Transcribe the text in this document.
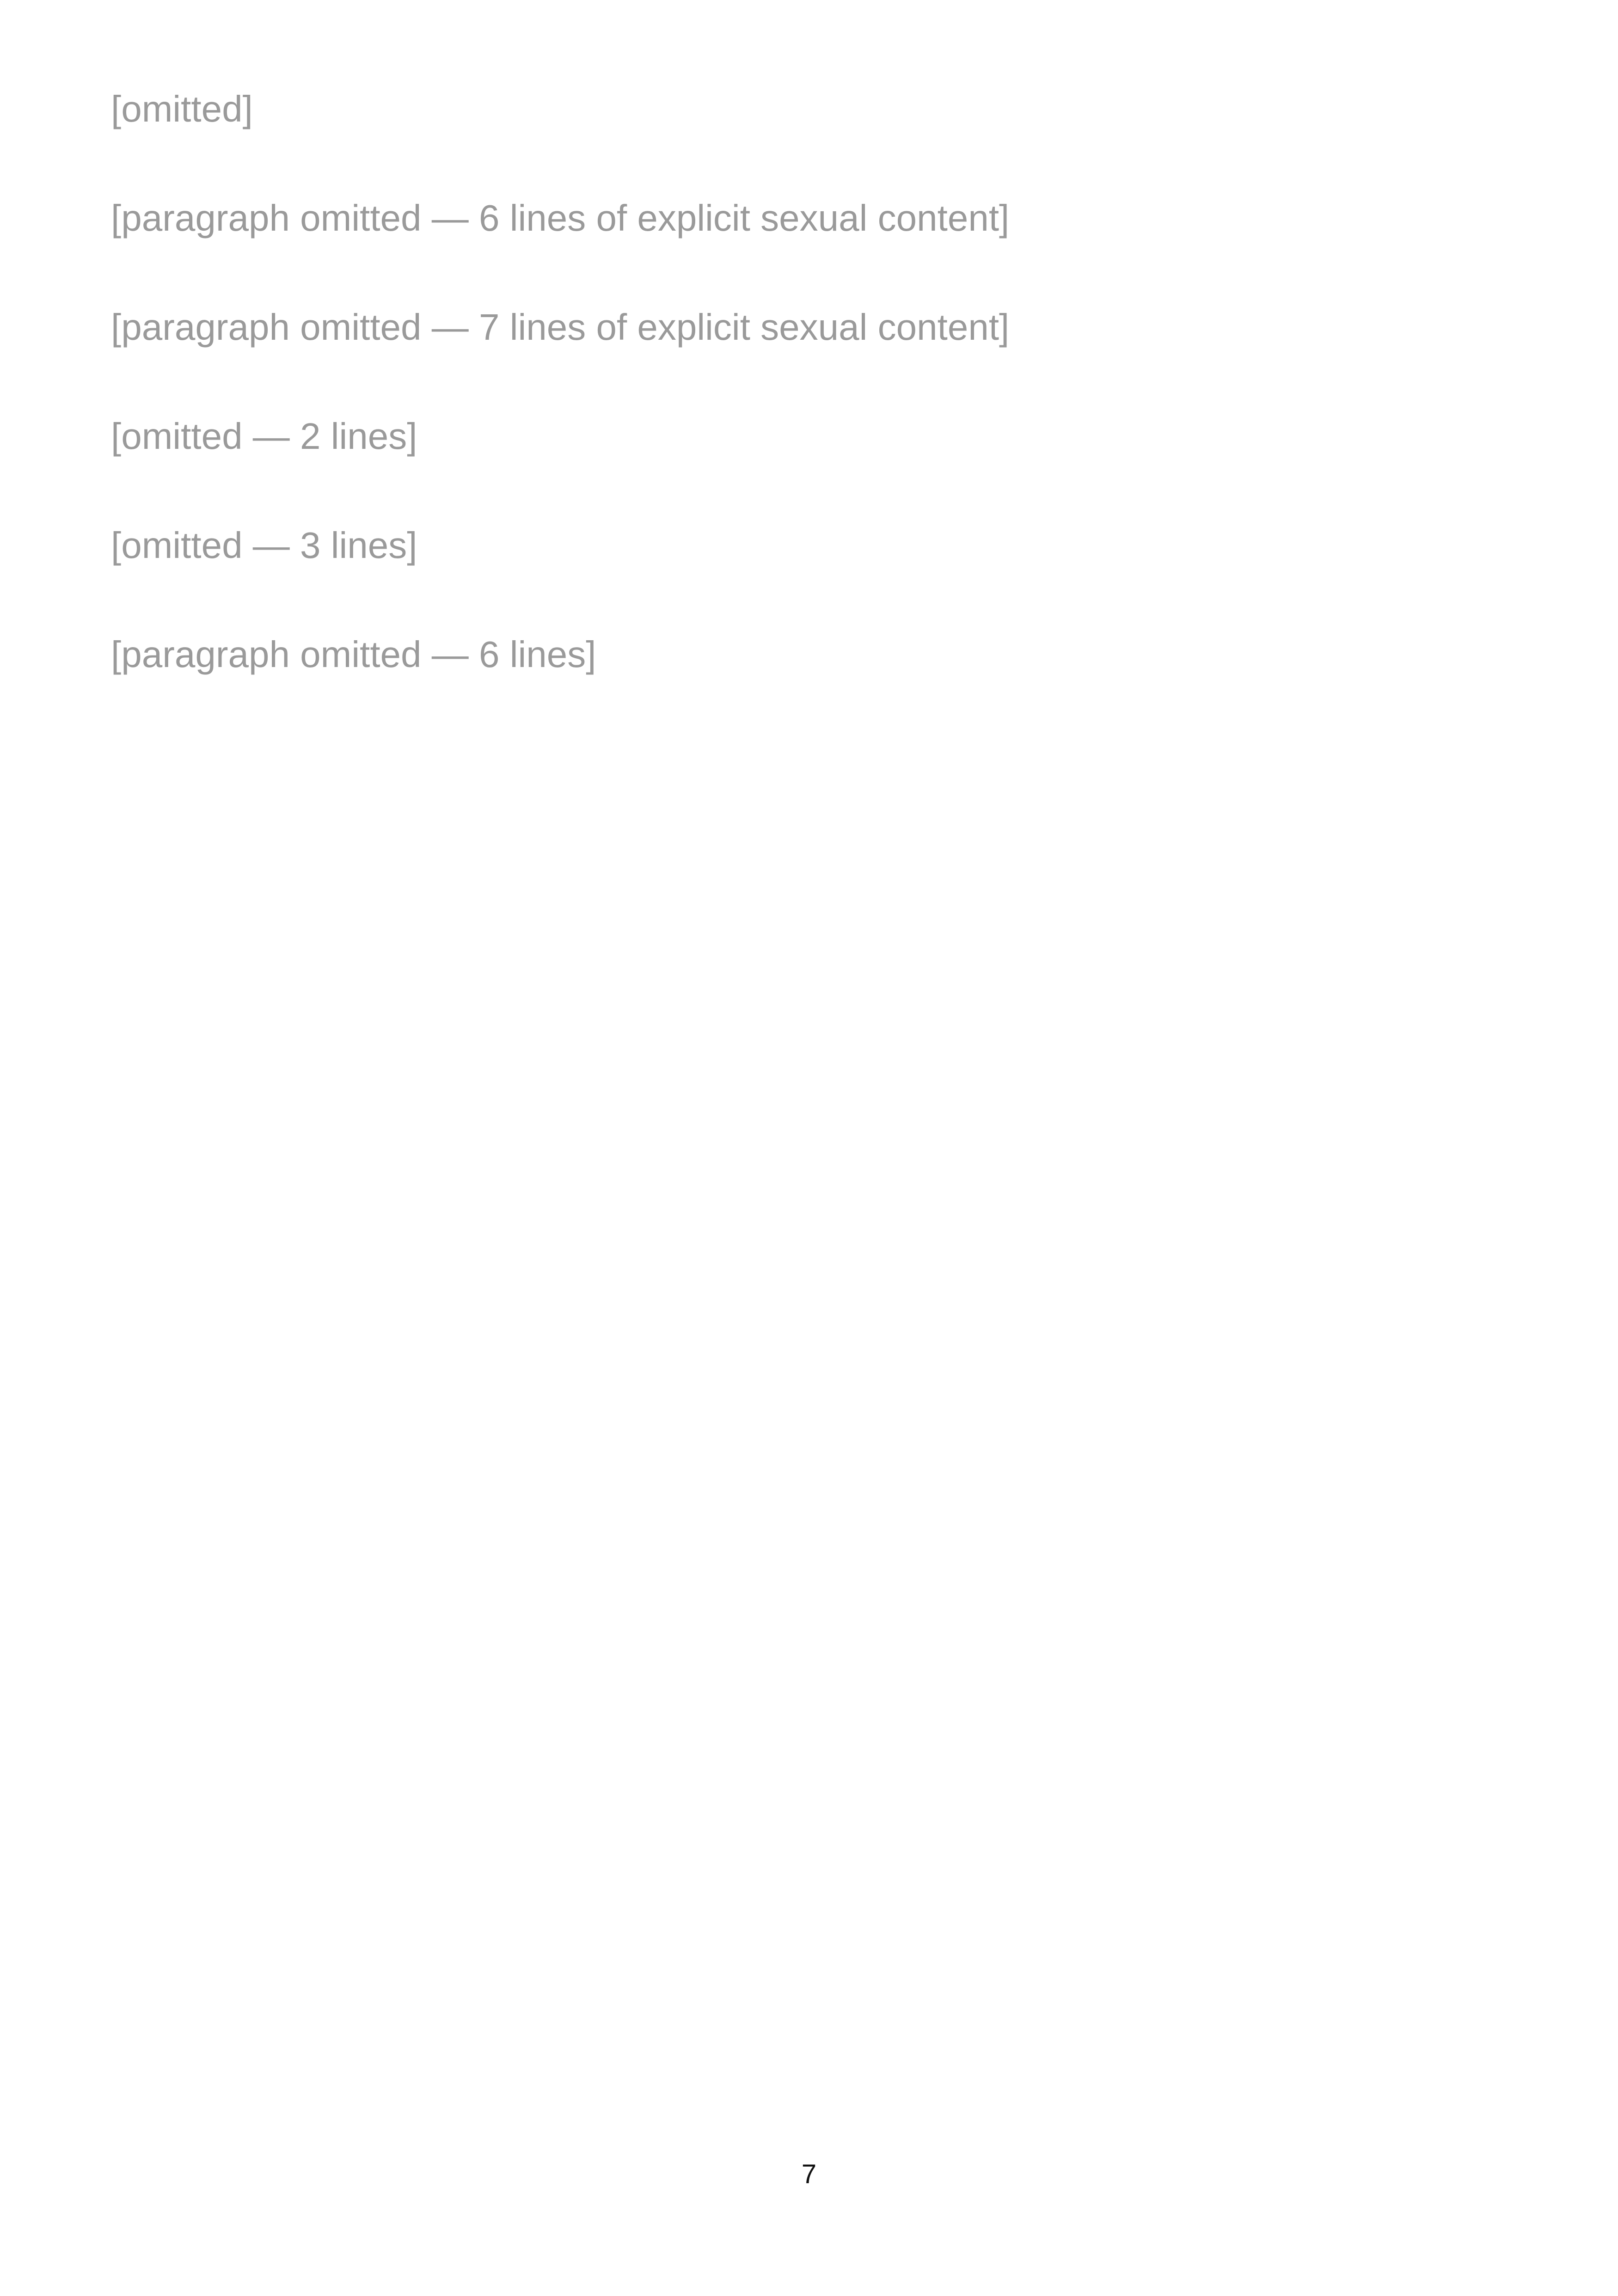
[omitted]

[paragraph omitted — 6 lines of explicit sexual content]

[paragraph omitted — 7 lines of explicit sexual content]

[omitted — 2 lines]

[omitted — 3 lines]

[paragraph omitted — 6 lines]

7
